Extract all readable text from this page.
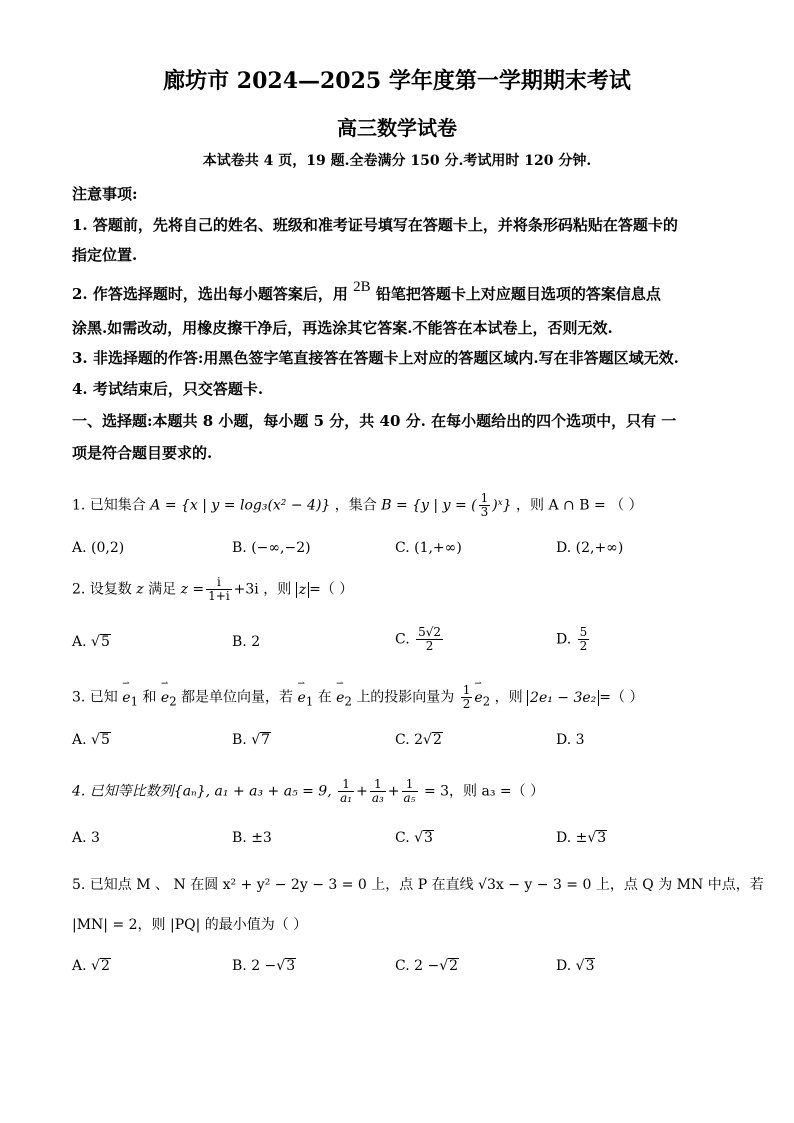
廊坊市 2024—2025 学年度第一学期期末考试
高三数学试卷
本试卷共 4 页，19 题.全卷满分 150 分.考试用时 120 分钟.
注意事项:
1. 答题前，先将自己的姓名、班级和准考证号填写在答题卡上，并将条形码粘贴在答题卡的
指定位置.
2. 作答选择题时，选出每小题答案后，用 2B 铅笔把答题卡上对应题目选项的答案信息点
涂黑.如需改动，用橡皮擦干净后，再选涂其它答案.不能答在本试卷上，否则无效.
3. 非选择题的作答:用黑色签字笔直接答在答题卡上对应的答题区域内.写在非答题区域无效.
4. 考试结束后，只交答题卡.
一、选择题:本题共 8 小题，每小题 5 分，共 40 分. 在每小题给出的四个选项中，只有 一
项是符合题目要求的.
1. 已知集合 A = {x | y = log₃(x² − 4)} ，集合 B = {y | y = ( $\frac{1}{3}$ )ˣ} ，则 A ∩ B = （ ）
A. (0,2)	B. (−∞,−2)	C. (1,+∞)	D. (2,+∞)
2. 设复数 z 满足 $z = \frac{i}{1+i} +3i$ ，则 z =（ ）
A. √5	B. 2	C. $\frac{5√2}{2}$	D. $\frac{5}{2}$
3. 已知 ⇀ $e_1$ 和 ⇀ $e_2$ 都是单位向量，若 ⇀ $e_1$ 在 ⇀ $e_2$ 上的投影向量为 $\frac{1}{2}$ ⇀ $e_2$ ，则 2e₁ − 3e₂ =（ ）
A. √5	B. √7	C. 2√2	D. 3
4. 已知等比数列{aₙ}, a₁ + a₃ + a₅ = 9, $\frac{1}{\text{a₁}} + \frac{1}{\text{a₃}} + \frac{1}{\text{a₅}} = 3$，则 a₃ =（ ）
A. 3	B. ±3	C. √3	D. ±√3
5. 已知点 M 、 N 在圆 x² + y² − 2y − 3 = 0 上，点 P 在直线 √3x − y − 3 = 0 上，点 Q 为 MN 中点，若
|MN| = 2，则 |PQ| 的最小值为（ ）
A. √2	B. 2 −√3	C. 2 −√2	D. √3
